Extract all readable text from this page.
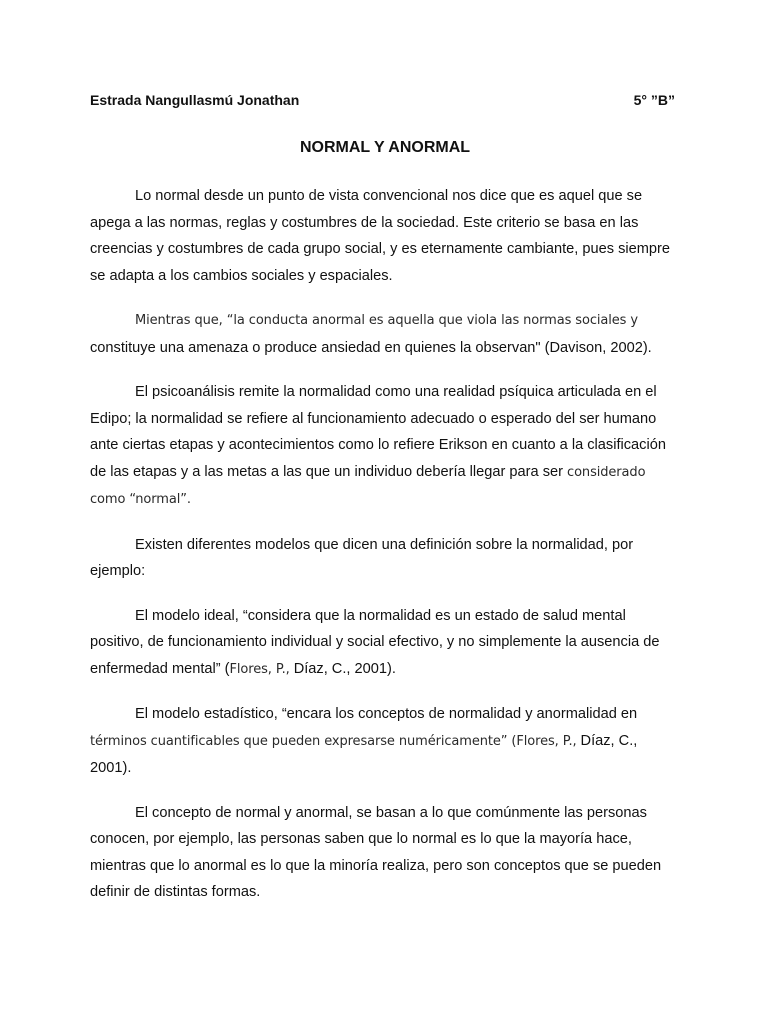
Estrada Nangullasmú Jonathan	5° ”B”
NORMAL Y ANORMAL

Lo normal desde un punto de vista convencional nos dice que es aquel que se apega a las normas, reglas y costumbres de la sociedad. Este criterio se basa en las creencias y costumbres de cada grupo social, y es eternamente cambiante, pues siempre se adapta a los cambios sociales y espaciales.

Mientras que, “la conducta anormal es aquella que viola las normas sociales y constituye una amenaza o produce ansiedad en quienes la observan" (Davison, 2002).

El psicoanálisis remite la normalidad como una realidad psíquica articulada en el Edipo; la normalidad se refiere al funcionamiento adecuado o esperado del ser humano ante ciertas etapas y acontecimientos como lo refiere Erikson en cuanto a la clasificación de las etapas y a las metas a las que un individuo debería llegar para ser considerado como “normal”.

Existen diferentes modelos que dicen una definición sobre la normalidad, por ejemplo:

El modelo ideal, “considera que la normalidad es un estado de salud mental positivo, de funcionamiento individual y social efectivo, y no simplemente la ausencia de enfermedad mental” (Flores, P., Díaz, C., 2001).

El modelo estadístico, “encara los conceptos de normalidad y anormalidad en términos cuantificables que pueden expresarse numéricamente” (Flores, P., Díaz, C., 2001).

El concepto de normal y anormal, se basan a lo que comúnmente las personas conocen, por ejemplo, las personas saben que lo normal es lo que la mayoría hace, mientras que lo anormal es lo que la minoría realiza, pero son conceptos que se pueden definir de distintas formas.
